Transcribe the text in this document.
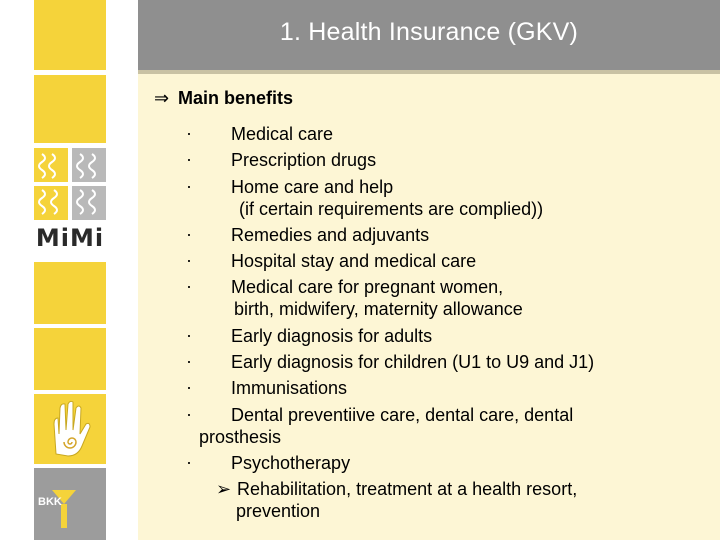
MiMi
BKK
1. Health Insurance (GKV)
⇒ Main benefits
· Medical care
· Prescription drugs
· Home care and help
(if certain requirements are complied))
· Remedies and adjuvants
· Hospital stay and medical care
· Medical care for pregnant women,
birth, midwifery, maternity allowance
· Early diagnosis for adults
· Early diagnosis for children (U1 to U9 and J1)
· Immunisations
· Dental preventiive care, dental care, dental
prosthesis
· Psychotherapy
➢ Rehabilitation, treatment at a health resort,
prevention
